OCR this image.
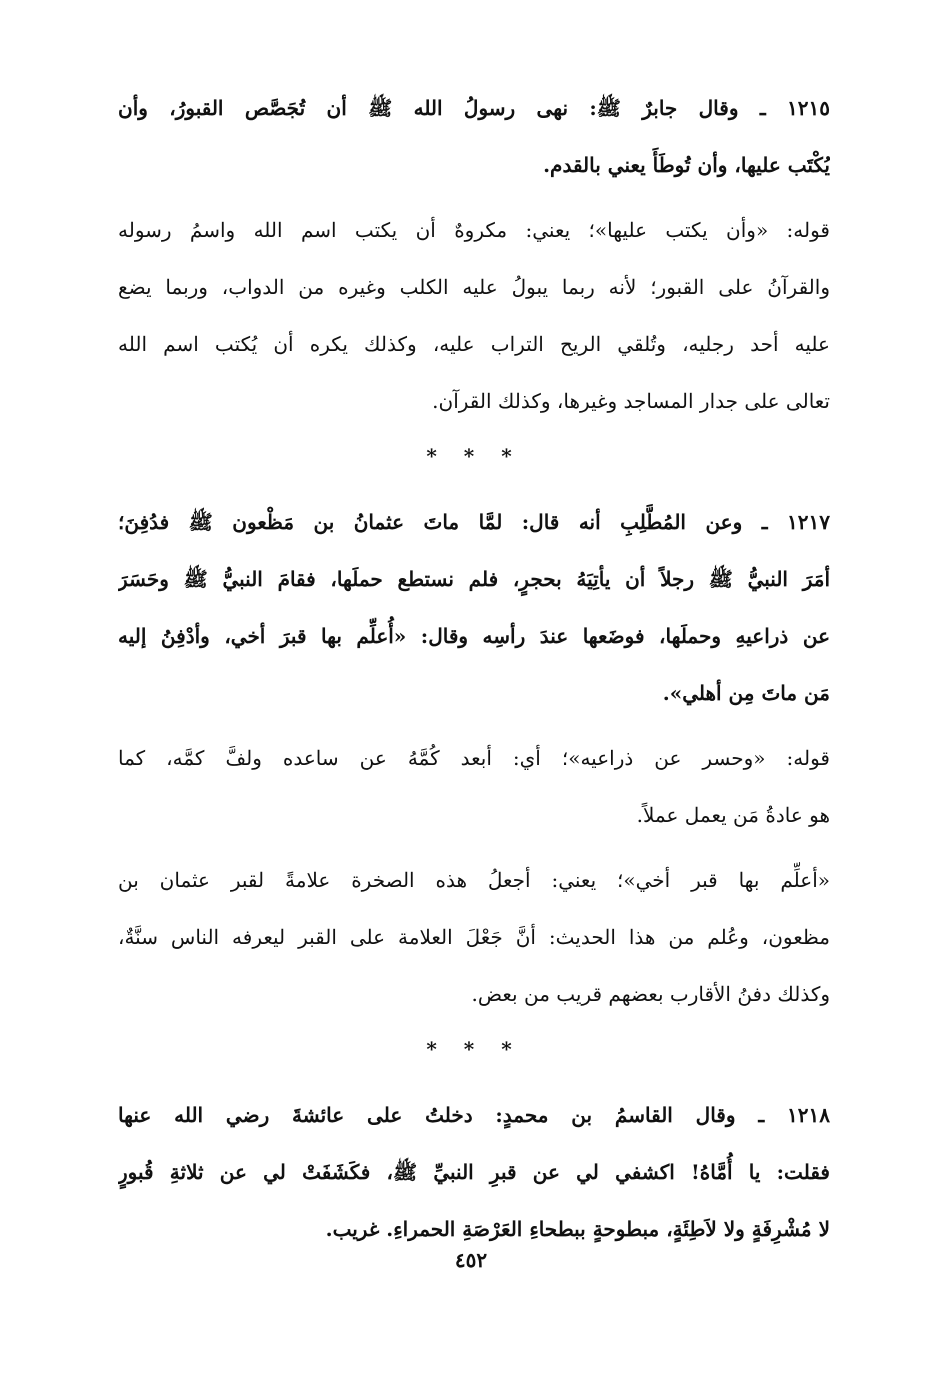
١٢١٥ ـ وقال جابرٌ ﷺ: نهى رسولُ الله ﷺ أن تُجَصَّص القبورُ، وأن
يُكْتَب عليها، وأن تُوطَأَ يعني بالقدم.
قوله: «وأن يكتب عليها»؛ يعني: مكروهٌ أن يكتب اسم الله واسمُ رسوله
والقرآنُ على القبور؛ لأنه ربما يبولُ عليه الكلب وغيره من الدواب، وربما يضع
عليه أحد رجليه، وتُلقي الريح التراب عليه، وكذلك يكره أن يُكتب اسم الله
تعالى على جدار المساجد وغيرها، وكذلك القرآن.
* * *
١٢١٧ ـ وعن المُطَّلِبِ أنه قال: لمَّا ماتَ عثمانُ بن مَظْعون ﷺ فدُفِنَ؛
أمَرَ النبيُّ ﷺ رجلاً أن يأتِيَهُ بحجرٍ، فلم نستطع حملَها، فقامَ النبيُّ ﷺ وحَسَرَ
عن ذراعيهِ وحملَها، فوضَعها عندَ رأسِه وقال: «أُعلِّم بها قبرَ أخي، وأدْفِنُ إليه
مَن ماتَ مِن أهلي».
قوله: «وحسر عن ذراعيه»؛ أي: أبعد كُمَّهُ عن ساعده ولفَّ كمَّه، كما
هو عادةُ مَن يعمل عملاً.
«أعلِّم بها قبر أخي»؛ يعني: أجعلُ هذه الصخرة علامةً لقبر عثمان بن
مظعون، وعُلم من هذا الحديث: أنَّ جَعْلَ العلامة على القبر ليعرفه الناس سنَّةٌ،
وكذلك دفنُ الأقارب بعضهم قريب من بعض.
* * *
١٢١٨ ـ وقال القاسمُ بن محمدٍ: دخلتُ على عائشةَ رضي الله عنها
فقلت: يا أُمَّاهُ! اكشفي لي عن قبرِ النبيِّ ﷺ، فكَشَفَتْ لي عن ثلاثةِ قُبورٍ
لا مُشْرِفَةٍ ولا لاَطِئَةٍ، مبطوحةٍ ببطحاءِ العَرْصَةِ الحمراءِ. غريب.
٤٥٢
